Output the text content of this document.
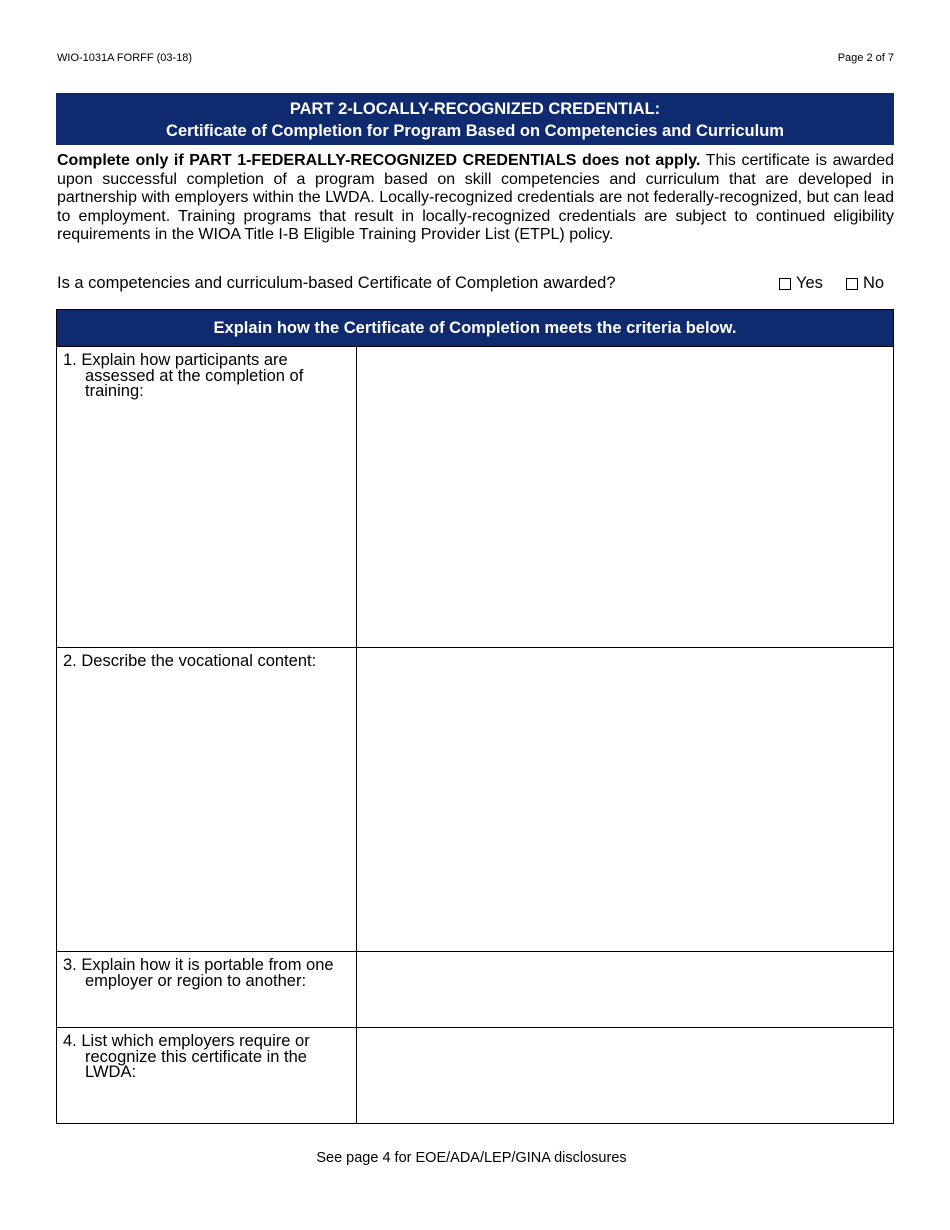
WIO-1031A FORFF (03-18)	Page 2 of 7
PART 2-LOCALLY-RECOGNIZED CREDENTIAL:
Certificate of Completion for Program Based on Competencies and Curriculum
Complete only if PART 1-FEDERALLY-RECOGNIZED CREDENTIALS does not apply. This certificate is awarded upon successful completion of a program based on skill competencies and curriculum that are developed in partnership with employers within the LWDA. Locally-recognized credentials are not federally-recognized, but can lead to employment. Training programs that result in locally-recognized credentials are subject to continued eligibility requirements in the WIOA Title I-B Eligible Training Provider List (ETPL) policy.
Is a competencies and curriculum-based Certificate of Completion awarded?	Yes No
Explain how the Certificate of Completion meets the criteria below.
1. Explain how participants are assessed at the completion of training:
2. Describe the vocational content:
3. Explain how it is portable from one employer or region to another:
4. List which employers require or recognize this certificate in the LWDA:
See page 4 for EOE/ADA/LEP/GINA disclosures
